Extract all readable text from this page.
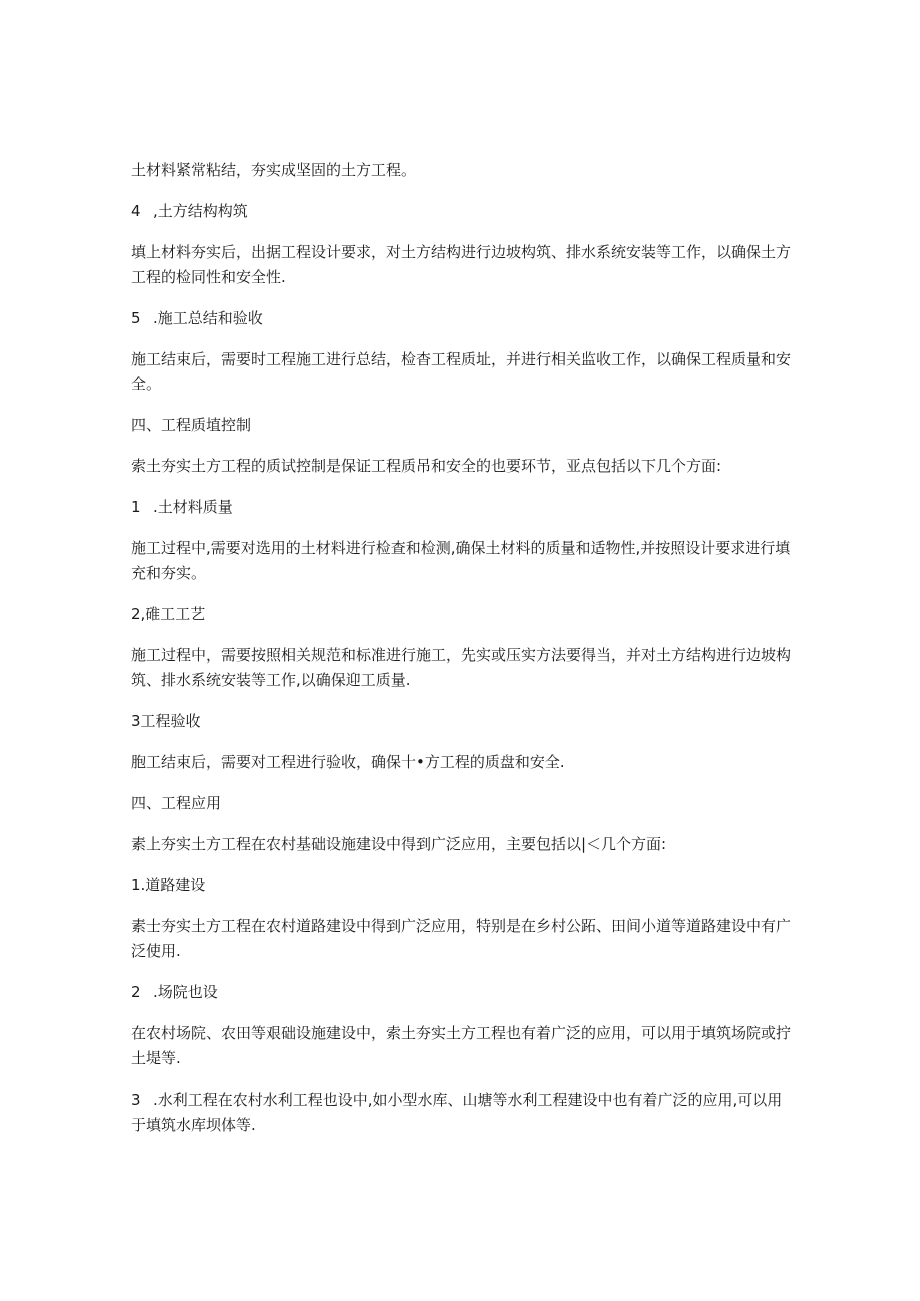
土材料紧常粘结，夯实成坚固的土方工程。

4 ,土方结构构筑

填上材料夯实后，出据工程设计要求，对土方结构进行边坡构筑、排水系统安装等工作，以确保土方工程的检同性和安全性.

5 .施工总结和验收

施工结束后，需要时工程施工进行总结，检杳工程质址，并进行相关监收工作，以确保工程质量和安全。

四、工程质埴控制

索土夯实土方工程的质试控制是保证工程质吊和安全的也要环节，亚点包括以下几个方面:

1 .土材料质量

施工过程中,需要对选用的土材料进行检查和检测,确保土材料的质量和适物性,并按照设计要求进行填充和夯实。

2,碓工工艺

施工过程中，需要按照相关规范和标准进行施工，先实或压实方法要得当，并对土方结构进行边坡构筑、排水系统安装等工作,以确保迎工质量.

3工程验收

胞工结束后，需要对工程进行验收，确保十•方工程的质盘和安全.

四、工程应用

素上夯实土方工程在农村基础设施建设中得到广泛应用，主要包括以|＜几个方面:

1.道路建设

素士夯实土方工程在农村道路建设中得到广泛应用，特别是在乡村公跖、田间小道等道路建设中有广泛使用.

2 .场院也设

在农村场院、农田等艰础设施建设中，索土夯实土方工程也有着广泛的应用，可以用于填筑场院或拧土堤等.

3 .水利工程在农村水利工程也设中,如小型水库、山塘等水利工程建设中也有着广泛的应用,可以用于填筑水库坝体等.
